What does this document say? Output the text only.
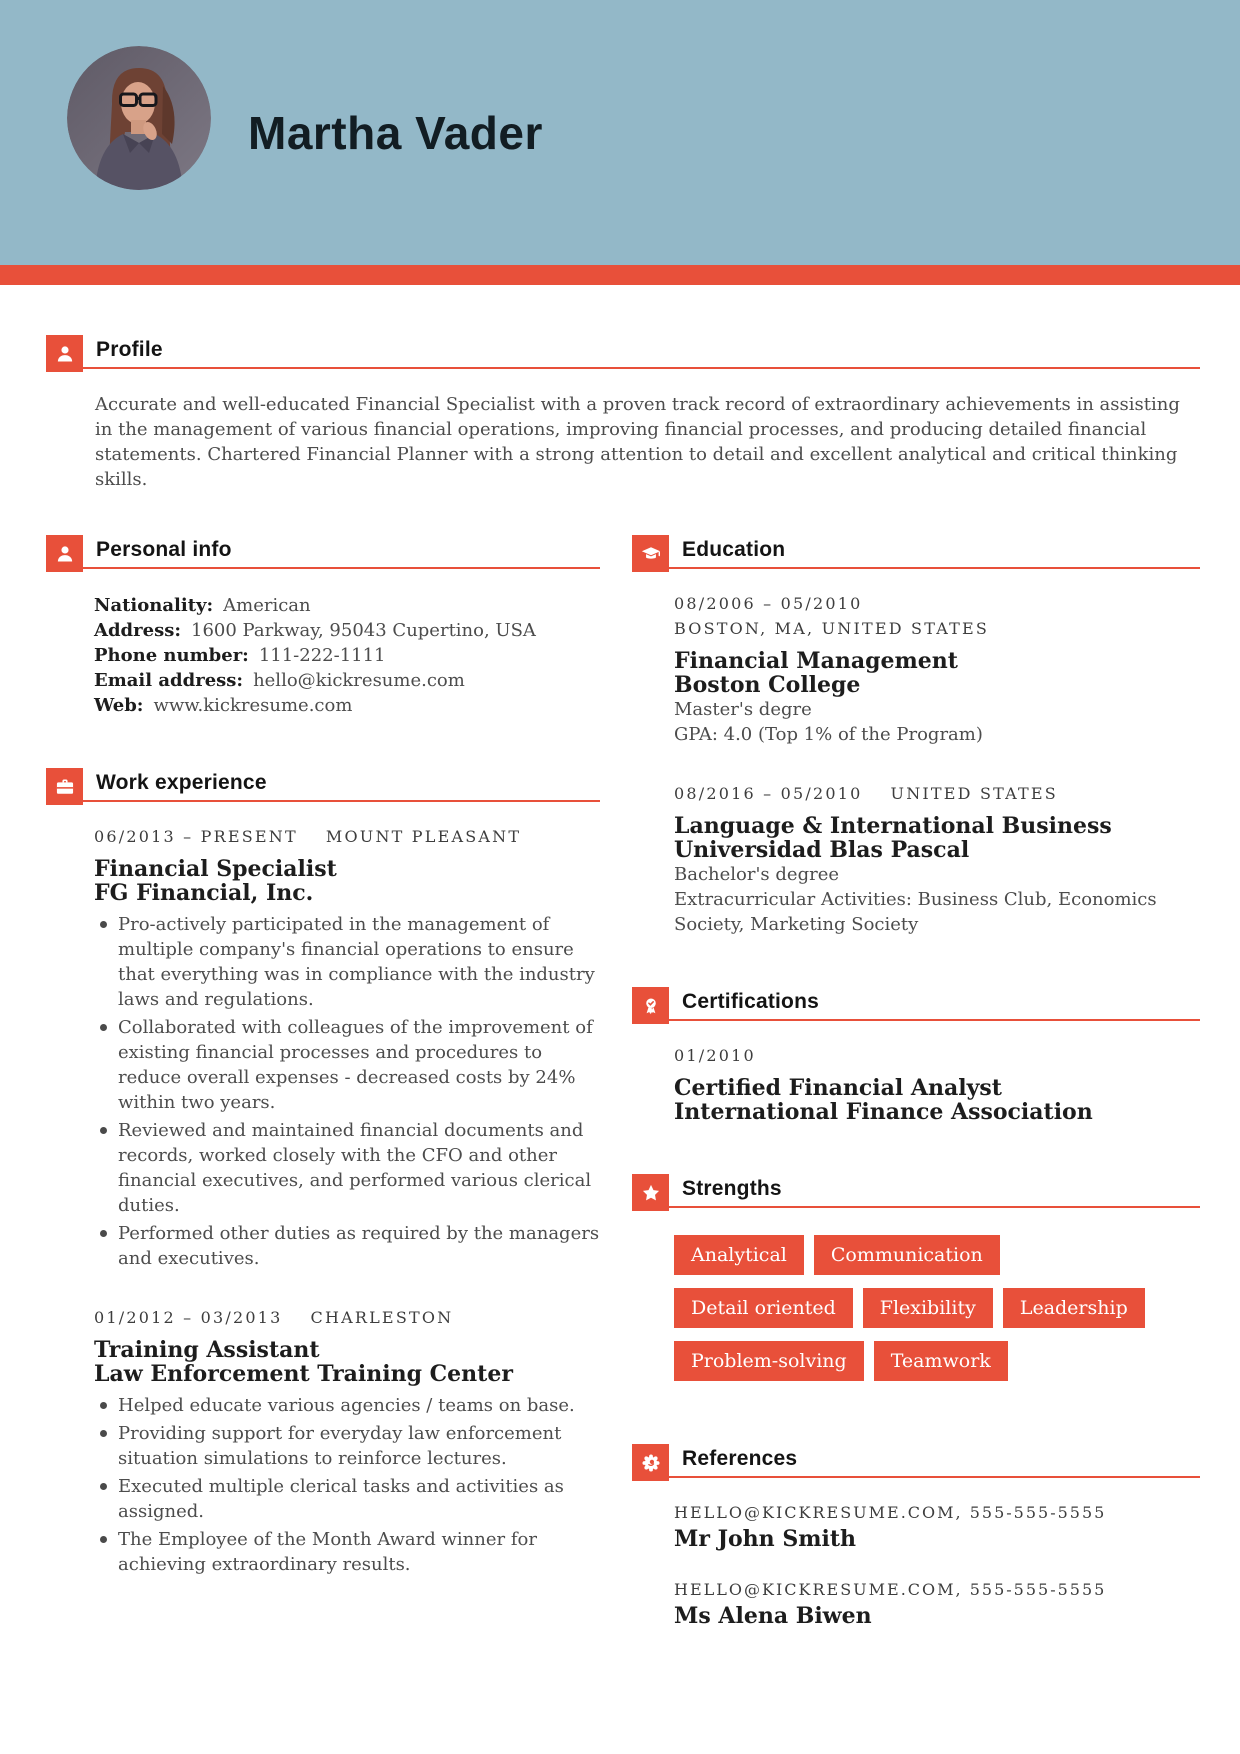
Martha Vader
Profile

Accurate and well-educated Financial Specialist with a proven track record of extraordinary achievements in assisting in the management of various financial operations, improving financial processes, and producing detailed financial statements. Chartered Financial Planner with a strong attention to detail and excellent analytical and critical thinking skills.

Personal info
Nationality: American
Address: 1600 Parkway, 95043 Cupertino, USA
Phone number: 111-222-1111
Email address: hello@kickresume.com
Web: www.kickresume.com
Work experience
06/2013 – PRESENT MOUNT PLEASANT
Financial Specialist
FG Financial, Inc.
Pro-actively participated in the management of multiple company's financial operations to ensure that everything was in compliance with the industry laws and regulations.
Collaborated with colleagues of the improvement of existing financial processes and procedures to reduce overall expenses - decreased costs by 24% within two years.
Reviewed and maintained financial documents and records, worked closely with the CFO and other financial executives, and performed various clerical duties.
Performed other duties as required by the managers and executives.
01/2012 – 03/2013 CHARLESTON
Training Assistant
Law Enforcement Training Center
Helped educate various agencies / teams on base.
Providing support for everyday law enforcement situation simulations to reinforce lectures.
Executed multiple clerical tasks and activities as assigned.
The Employee of the Month Award winner for achieving extraordinary results.
Education
08/2006 – 05/2010
BOSTON, MA, UNITED STATES
Financial Management
Boston College
Master's degre
GPA: 4.0 (Top 1% of the Program)
08/2016 – 05/2010 UNITED STATES
Language & International Business
Universidad Blas Pascal
Bachelor's degree
Extracurricular Activities: Business Club, Economics Society, Marketing Society
Certifications
01/2010
Certified Financial Analyst
International Finance Association
Strengths
Analytical CommunicationDetail oriented Flexibility LeadershipProblem-solving Teamwork
References
HELLO@KICKRESUME.COM, 555-555-5555
Mr John Smith
HELLO@KICKRESUME.COM, 555-555-5555
Ms Alena Biwen
